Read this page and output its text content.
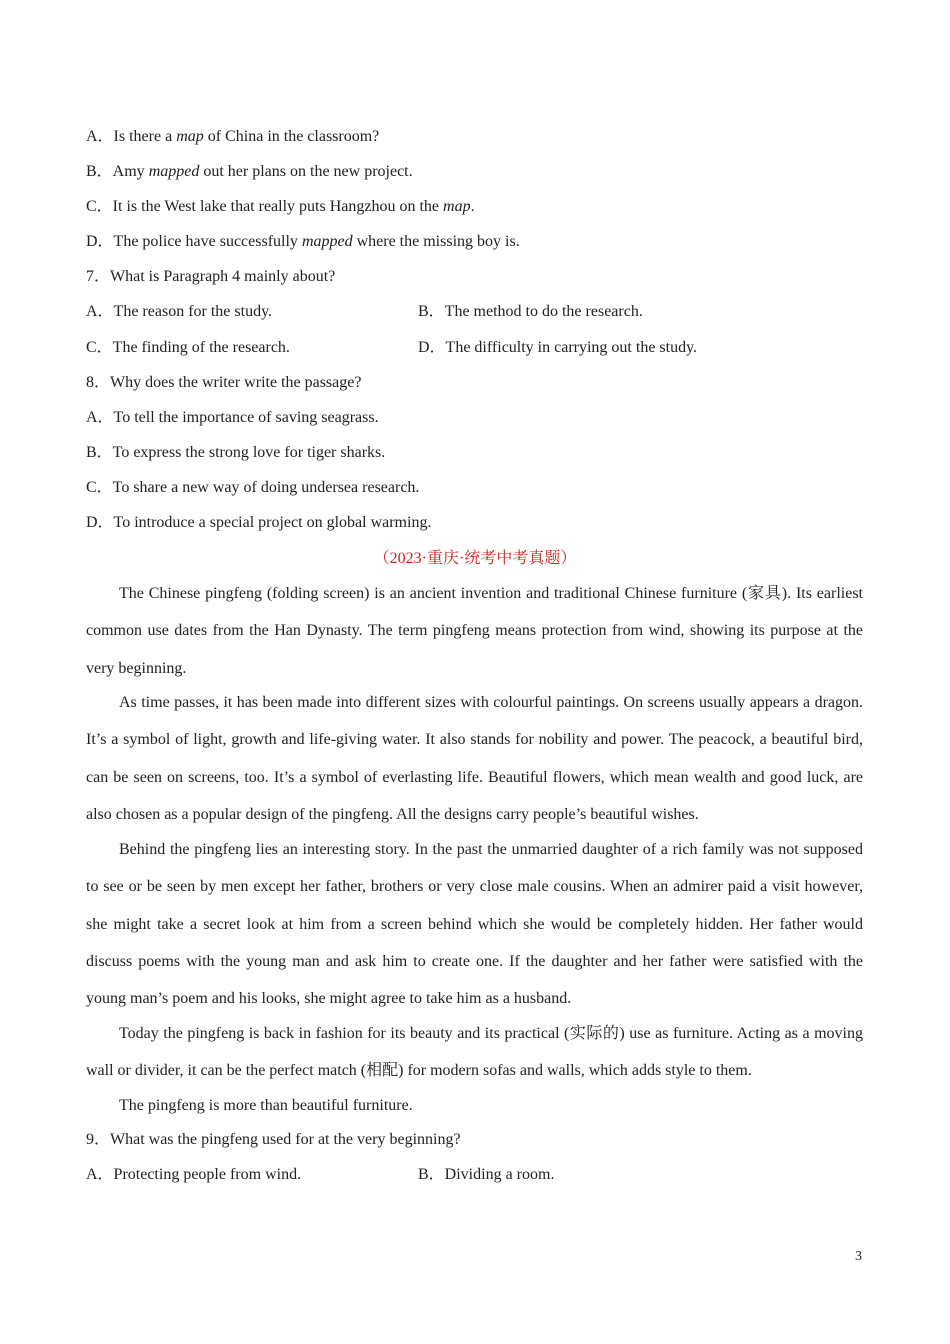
A．Is there a map of China in the classroom?
B．Amy mapped out her plans on the new project.
C．It is the West lake that really puts Hangzhou on the map.
D．The police have successfully mapped where the missing boy is.
7．What is Paragraph 4 mainly about?
A．The reason for the study.	B．The method to do the research.
C．The finding of the research.	D．The difficulty in carrying out the study.
8．Why does the writer write the passage?
A．To tell the importance of saving seagrass.
B．To express the strong love for tiger sharks.
C．To share a new way of doing undersea research.
D．To introduce a special project on global warming.
（2023·重庆·统考中考真题）
The Chinese pingfeng (folding screen) is an ancient invention and traditional Chinese furniture (家具). Its earliest common use dates from the Han Dynasty. The term pingfeng means protection from wind, showing its purpose at the very beginning.
As time passes, it has been made into different sizes with colourful paintings. On screens usually appears a dragon. It’s a symbol of light, growth and life-giving water. It also stands for nobility and power. The peacock, a beautiful bird, can be seen on screens, too. It’s a symbol of everlasting life. Beautiful flowers, which mean wealth and good luck, are also chosen as a popular design of the pingfeng. All the designs carry people’s beautiful wishes.
Behind the pingfeng lies an interesting story. In the past the unmarried daughter of a rich family was not supposed to see or be seen by men except her father, brothers or very close male cousins. When an admirer paid a visit however, she might take a secret look at him from a screen behind which she would be completely hidden. Her father would discuss poems with the young man and ask him to create one. If the daughter and her father were satisfied with the young man’s poem and his looks, she might agree to take him as a husband.
Today the pingfeng is back in fashion for its beauty and its practical (实际的) use as furniture. Acting as a moving wall or divider, it can be the perfect match (相配) for modern sofas and walls, which adds style to them.
The pingfeng is more than beautiful furniture.
9．What was the pingfeng used for at the very beginning?
A．Protecting people from wind.	B．Dividing a room.
3
